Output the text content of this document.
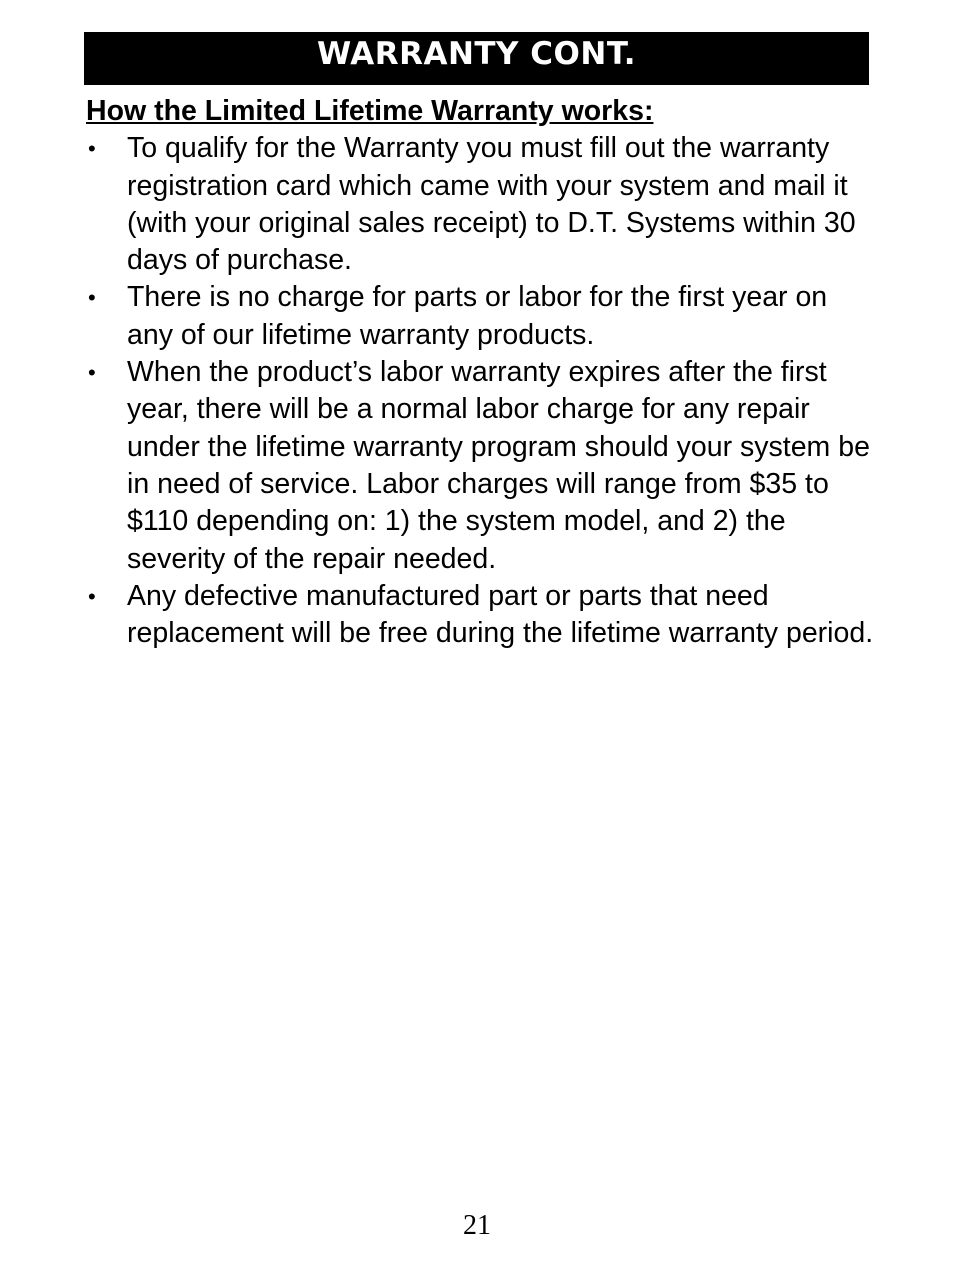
WARRANTY CONT.

How the Limited Lifetime Warranty works:

•	To qualify for the Warranty you must fill out the warranty registration card which came with your system and mail it (with your original sales receipt) to D.T. Systems within 30 days of purchase.
•	There is no charge for parts or labor for the first year on any of our lifetime warranty products.
•	When the product’s labor warranty expires after the first year, there will be a normal labor charge for any repair under the lifetime warranty program should your system be in need of service. Labor charges will range from $35 to $110 depending on: 1) the system model, and 2) the severity of the repair needed.
•	Any defective manufactured part or parts that need replacement will be free during the lifetime warranty period.
21
